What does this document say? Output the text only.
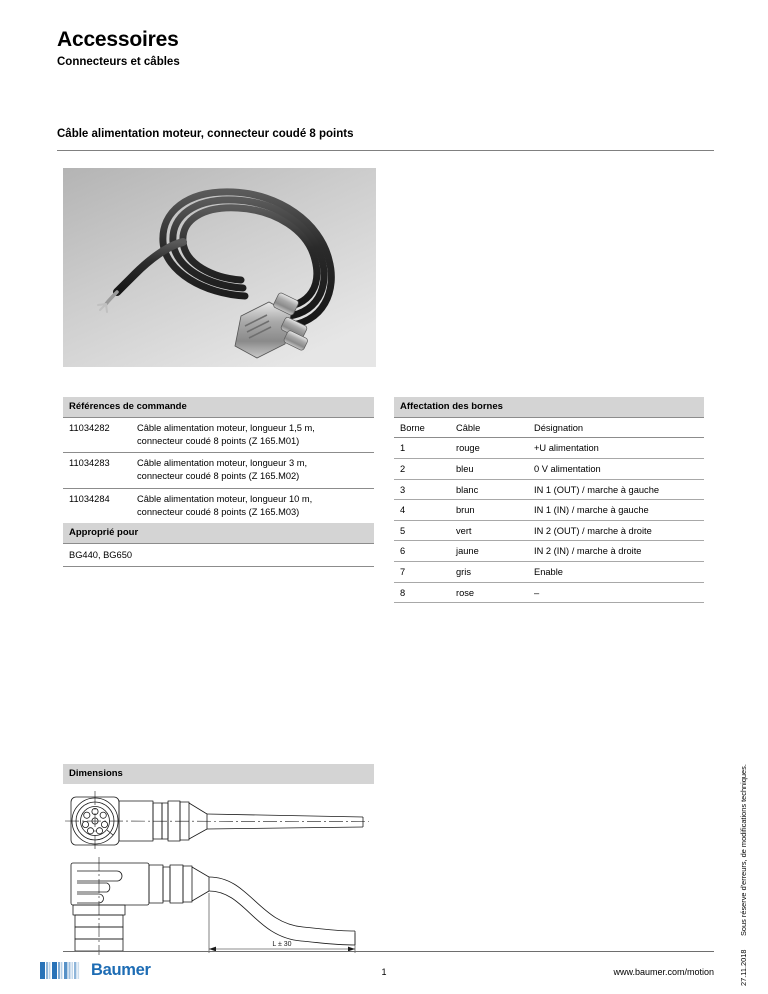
Accessoires
Connecteurs et câbles
Câble alimentation moteur, connecteur coudé 8 points
Références de commande
11034282	Câble alimentation moteur, longueur 1,5 m,
connecteur coudé 8 points (Z 165.M01)
11034283	Câble alimentation moteur, longueur 3 m,
connecteur coudé 8 points (Z 165.M02)
11034284	Câble alimentation moteur, longueur 10 m,
connecteur coudé 8 points (Z 165.M03)
Approprié pour
BG440, BG650
Affectation des bornes
Borne	Câble	Désignation
1	rouge	+U alimentation
2	bleu	0 V alimentation
3	blanc	IN 1 (OUT) / marche à gauche
4	brun	IN 1 (IN) / marche à gauche
5	vert	IN 2 (OUT) / marche à droite
6	jaune	IN 2 (IN) / marche à droite
7	gris	Enable
8	rose	–
Dimensions
L ± 30
27.11.2018
Sous réserve d'erreurs, de modifications techniques.
Baumer	1	www.baumer.com/motion
